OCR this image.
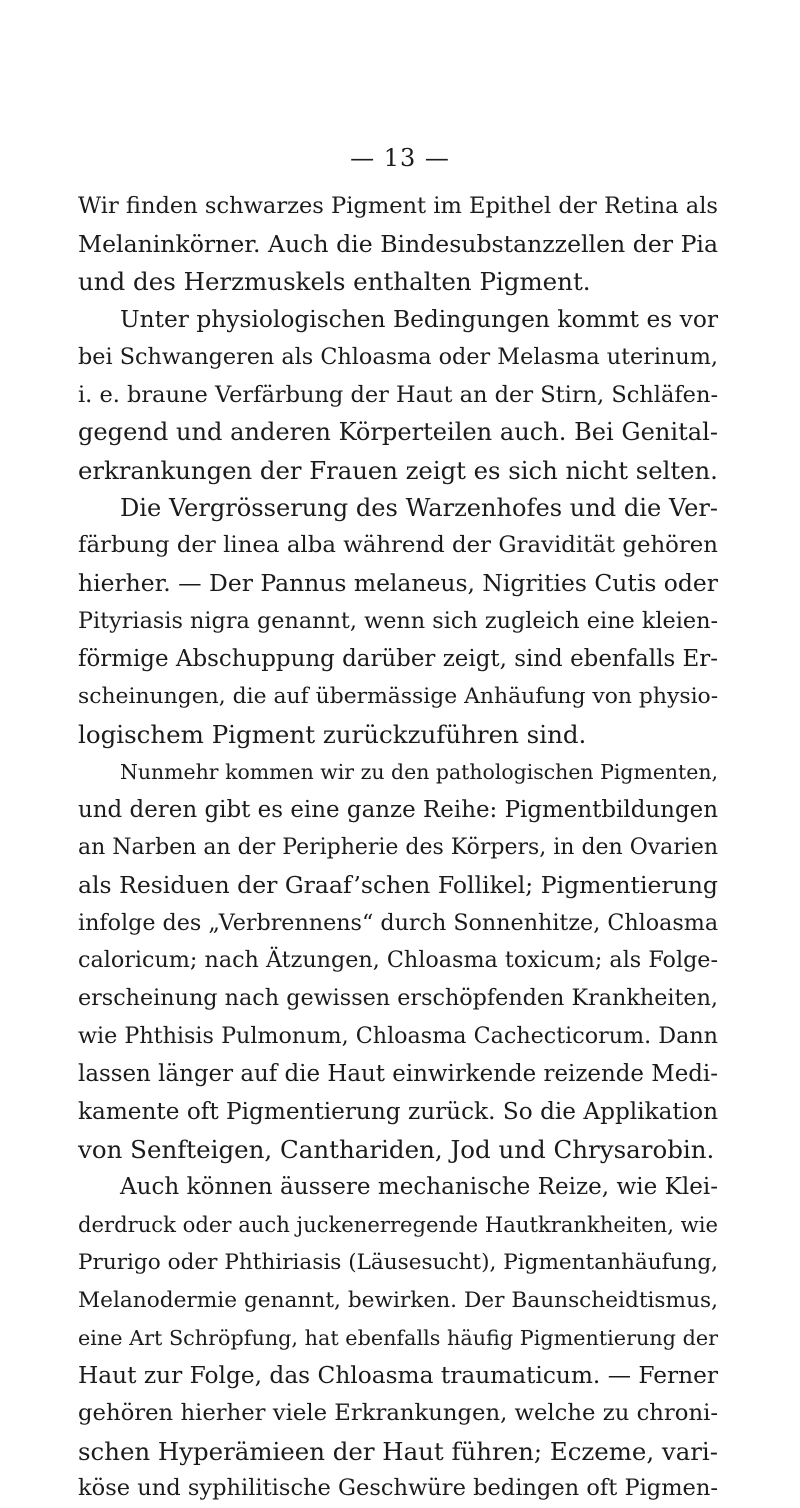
— 13 —
Wir finden schwarzes Pigment im Epithel der Retina als
Melaninkörner. Auch die Bindesubstanzzellen der Pia
und des Herzmuskels enthalten Pigment.
Unter physiologischen Bedingungen kommt es vor
bei Schwangeren als Chloasma oder Melasma uterinum,
i. e. braune Verfärbung der Haut an der Stirn, Schläfen-
gegend und anderen Körperteilen auch. Bei Genital-
erkrankungen der Frauen zeigt es sich nicht selten.
Die Vergrösserung des Warzenhofes und die Ver-
färbung der linea alba während der Gravidität gehören
hierher. — Der Pannus melaneus, Nigrities Cutis oder
Pityriasis nigra genannt, wenn sich zugleich eine kleien-
förmige Abschuppung darüber zeigt, sind ebenfalls Er-
scheinungen, die auf übermässige Anhäufung von physio-
logischem Pigment zurückzuführen sind.
Nunmehr kommen wir zu den pathologischen Pigmenten,
und deren gibt es eine ganze Reihe: Pigmentbildungen
an Narben an der Peripherie des Körpers, in den Ovarien
als Residuen der Graaf’schen Follikel; Pigmentierung
infolge des „Verbrennens“ durch Sonnenhitze, Chloasma
caloricum; nach Ätzungen, Chloasma toxicum; als Folge-
erscheinung nach gewissen erschöpfenden Krankheiten,
wie Phthisis Pulmonum, Chloasma Cachecticorum. Dann
lassen länger auf die Haut einwirkende reizende Medi-
kamente oft Pigmentierung zurück. So die Applikation
von Senfteigen, Canthariden, Jod und Chrysarobin.
Auch können äussere mechanische Reize, wie Klei-
derdruck oder auch juckenerregende Hautkrankheiten, wie
Prurigo oder Phthiriasis (Läusesucht), Pigmentanhäufung,
Melanodermie genannt, bewirken. Der Baunscheidtismus,
eine Art Schröpfung, hat ebenfalls häufig Pigmentierung der
Haut zur Folge, das Chloasma traumaticum. — Ferner
gehören hierher viele Erkrankungen, welche zu chroni-
schen Hyperämieen der Haut führen; Eczeme, vari-
köse und syphilitische Geschwüre bedingen oft Pigmen-
